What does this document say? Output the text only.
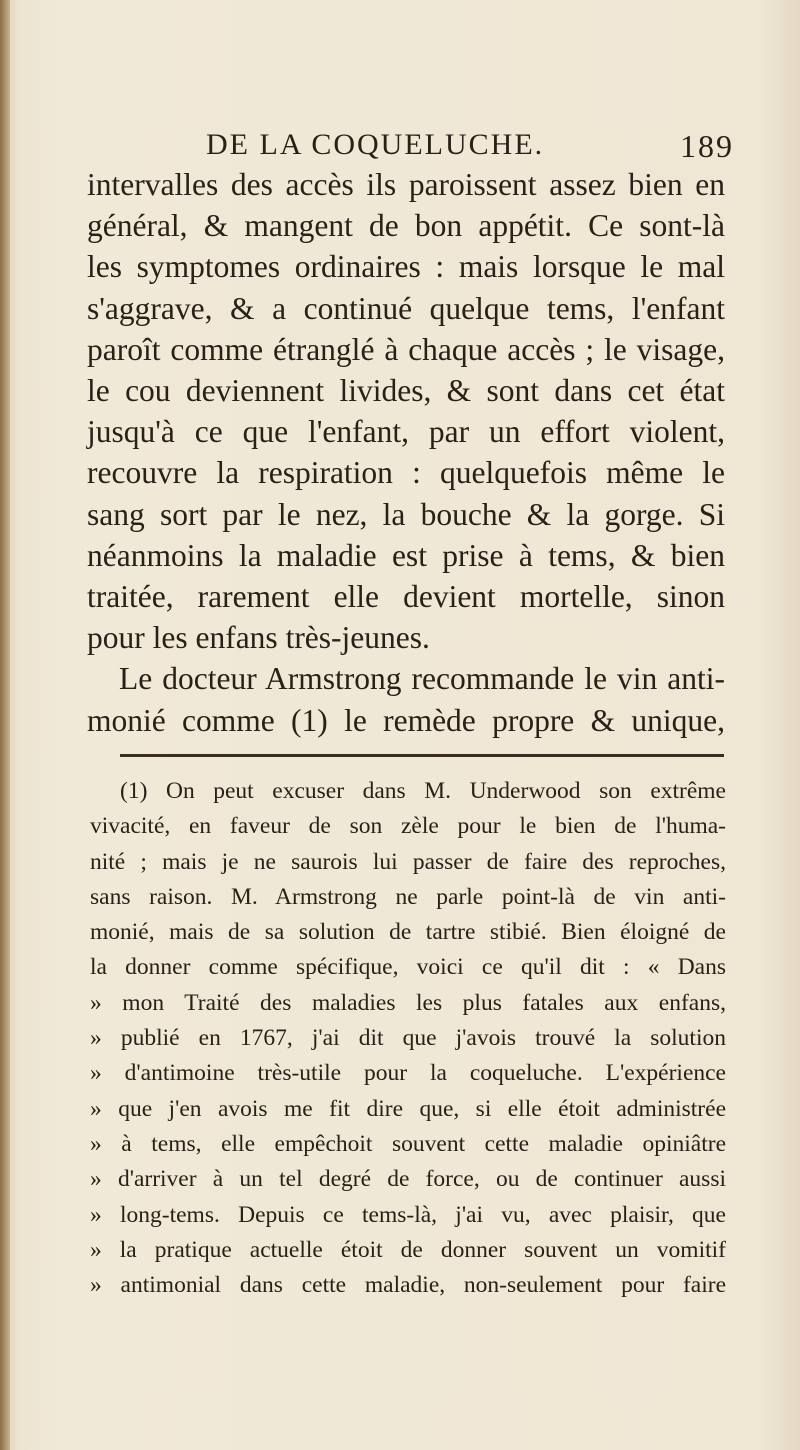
DE LA COQUELUCHE.	189
intervalles des accès ils paroissent assez bien en
général, & mangent de bon appétit. Ce sont-là
les symptomes ordinaires : mais lorsque le mal
s'aggrave, & a continué quelque tems, l'enfant
paroît comme étranglé à chaque accès ; le visage,
le cou deviennent livides, & sont dans cet état
jusqu'à ce que l'enfant, par un effort violent,
recouvre la respiration : quelquefois même le
sang sort par le nez, la bouche & la gorge. Si
néanmoins la maladie est prise à tems, & bien
traitée, rarement elle devient mortelle, sinon
pour les enfans très-jeunes.
Le docteur Armstrong recommande le vin anti-
monié comme (1) le remède propre & unique,
(1) On peut excuser dans M. Underwood son extrême
vivacité, en faveur de son zèle pour le bien de l'huma-
nité ; mais je ne saurois lui passer de faire des reproches,
sans raison. M. Armstrong ne parle point-là de vin anti-
monié, mais de sa solution de tartre stibié. Bien éloigné de
la donner comme spécifique, voici ce qu'il dit : « Dans
» mon Traité des maladies les plus fatales aux enfans,
» publié en 1767, j'ai dit que j'avois trouvé la solution
» d'antimoine très-utile pour la coqueluche. L'expérience
» que j'en avois me fit dire que, si elle étoit administrée
» à tems, elle empêchoit souvent cette maladie opiniâtre
» d'arriver à un tel degré de force, ou de continuer aussi
» long-tems. Depuis ce tems-là, j'ai vu, avec plaisir, que
» la pratique actuelle étoit de donner souvent un vomitif
» antimonial dans cette maladie, non-seulement pour faire
